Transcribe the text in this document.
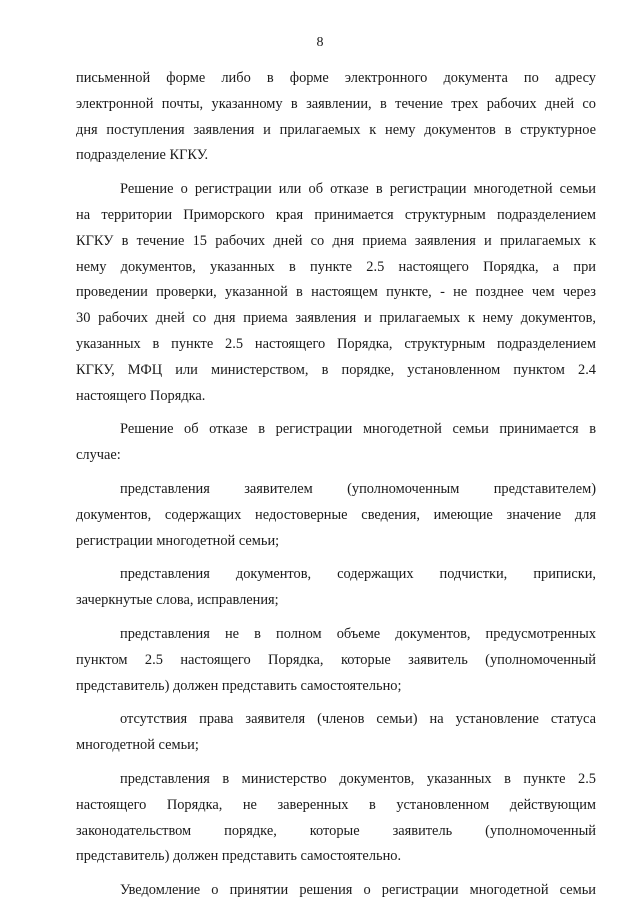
8

письменной форме либо в форме электронного документа по адресу
электронной почты, указанному в заявлении, в течение трех рабочих дней со
дня поступления заявления и прилагаемых к нему документов в структурное
подразделение КГКУ.

Решение о регистрации или об отказе в регистрации многодетной семьи
на территории Приморского края принимается структурным подразделением
КГКУ в течение 15 рабочих дней со дня приема заявления и прилагаемых к
нему документов, указанных в пункте 2.5 настоящего Порядка, а при
проведении проверки, указанной в настоящем пункте, - не позднее чем через
30 рабочих дней со дня приема заявления и прилагаемых к нему документов,
указанных в пункте 2.5 настоящего Порядка, структурным подразделением
КГКУ, МФЦ или министерством, в порядке, установленном пунктом 2.4
настоящего Порядка.

Решение об отказе в регистрации многодетной семьи принимается в
случае:

представления заявителем (уполномоченным представителем)
документов, содержащих недостоверные сведения, имеющие значение для
регистрации многодетной семьи;

представления документов, содержащих подчистки, приписки,
зачеркнутые слова, исправления;

представления не в полном объеме документов, предусмотренных
пунктом 2.5 настоящего Порядка, которые заявитель (уполномоченный
представитель) должен представить самостоятельно;

отсутствия права заявителя (членов семьи) на установление статуса
многодетной семьи;

представления в министерство документов, указанных в пункте 2.5
настоящего Порядка, не заверенных в установленном действующим
законодательством порядке, которые заявитель (уполномоченный
представитель) должен представить самостоятельно.

Уведомление о принятии решения о регистрации многодетной семьи
